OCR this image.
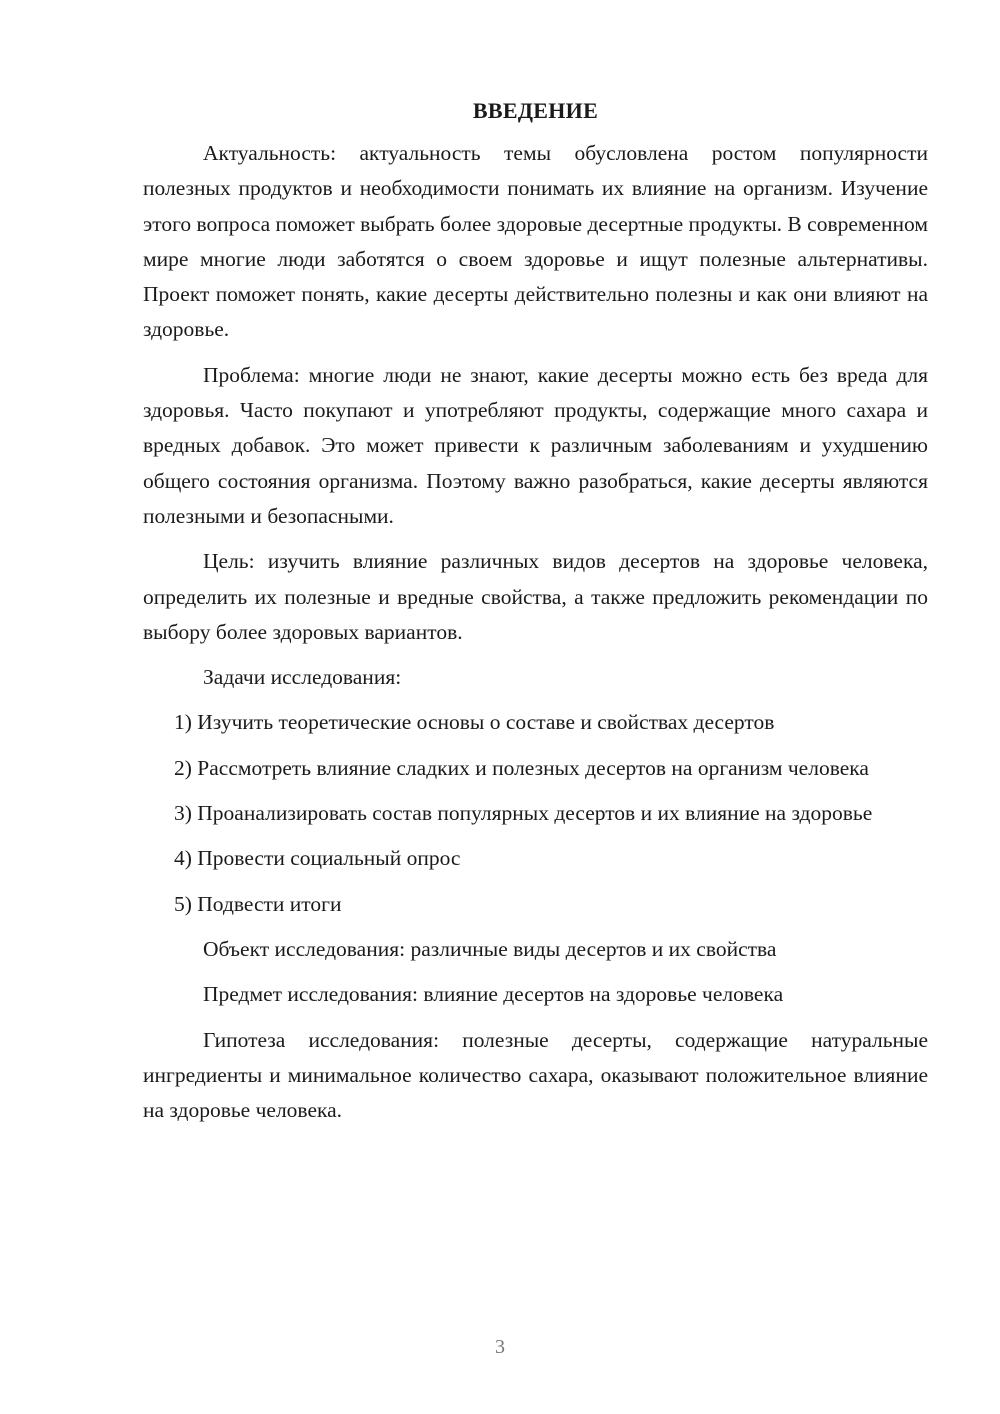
ВВЕДЕНИЕ

Актуальность: актуальность темы обусловлена ростом популярности полезных продуктов и необходимости понимать их влияние на организм. Изучение этого вопроса поможет выбрать более здоровые десертные продукты. В современном мире многие люди заботятся о своем здоровье и ищут полезные альтернативы. Проект поможет понять, какие десерты действительно полезны и как они влияют на здоровье.

Проблема: многие люди не знают, какие десерты можно есть без вреда для здоровья. Часто покупают и употребляют продукты, содержащие много сахара и вредных добавок. Это может привести к различным заболеваниям и ухудшению общего состояния организма. Поэтому важно разобраться, какие десерты являются полезными и безопасными.

Цель: изучить влияние различных видов десертов на здоровье человека, определить их полезные и вредные свойства, а также предложить рекомендации по выбору более здоровых вариантов.

Задачи исследования:

1) Изучить теоретические основы о составе и свойствах десертов

2) Рассмотреть влияние сладких и полезных десертов на организм человека

3) Проанализировать состав популярных десертов и их влияние на здоровье

4) Провести социальный опрос

5) Подвести итоги

Объект исследования: различные виды десертов и их свойства

Предмет исследования: влияние десертов на здоровье человека

Гипотеза исследования: полезные десерты, содержащие натуральные ингредиенты и минимальное количество сахара, оказывают положительное влияние на здоровье человека.

3
